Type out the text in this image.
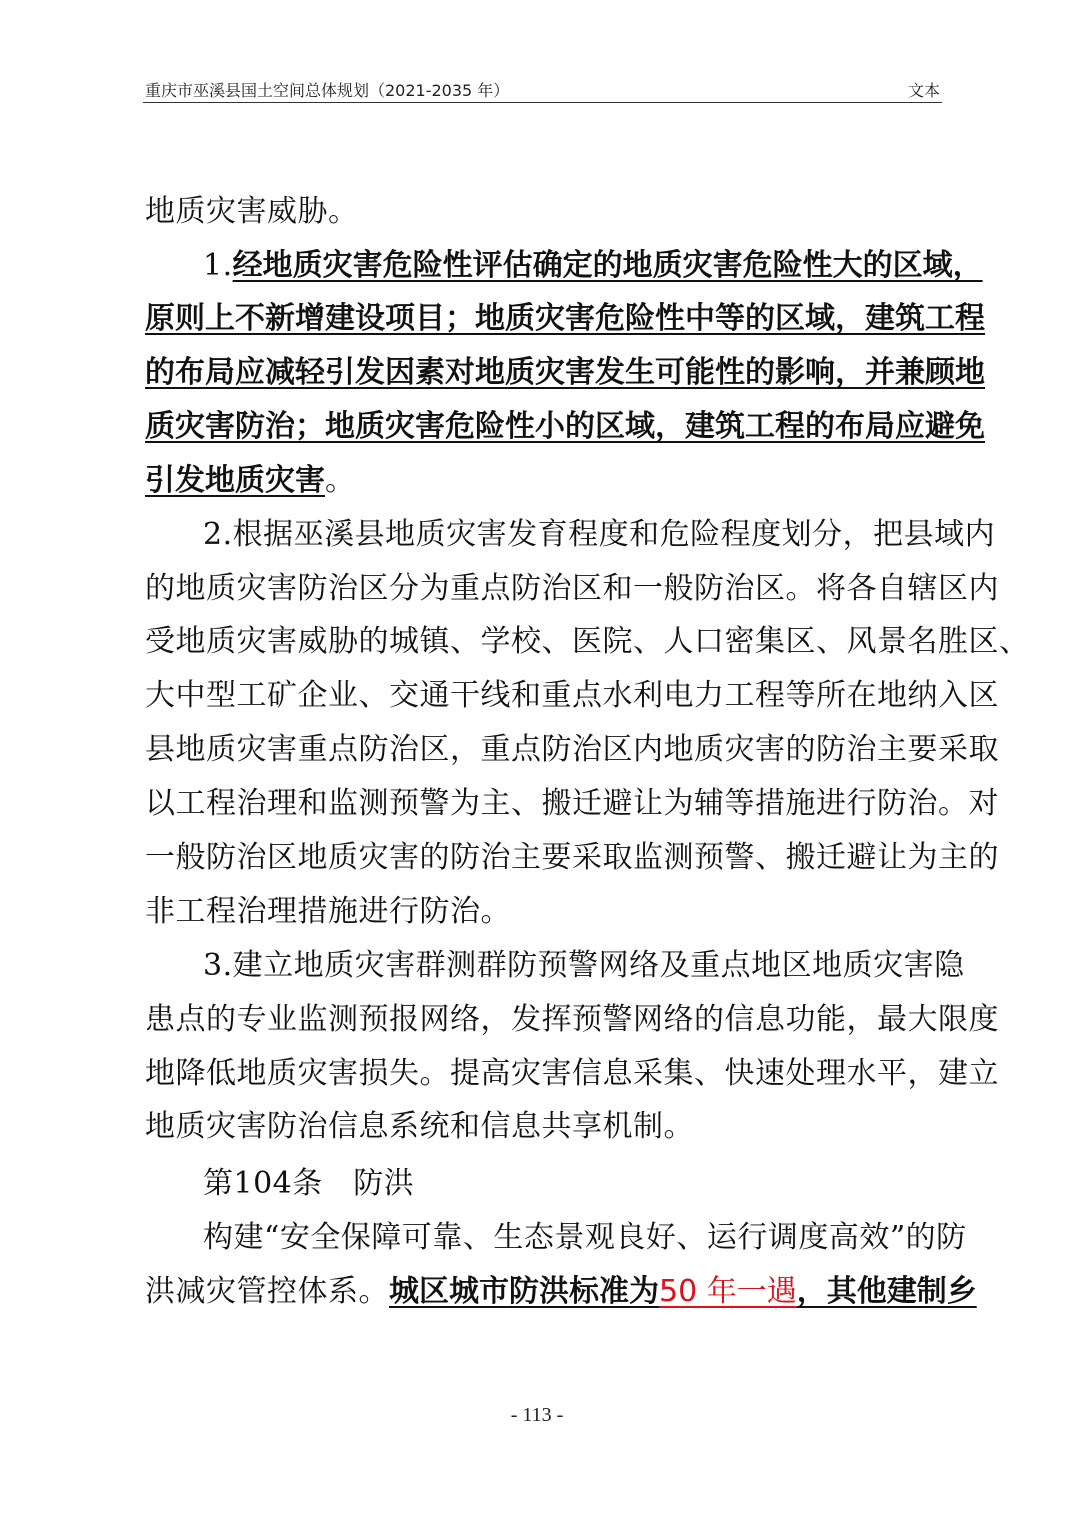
重庆市巫溪县国土空间总体规划（2021-2035 年）	文本
地质灾害威胁。
1.经地质灾害危险性评估确定的地质灾害危险性大的区域，
原则上不新增建设项目；地质灾害危险性中等的区域，建筑工程
的布局应减轻引发因素对地质灾害发生可能性的影响，并兼顾地
质灾害防治；地质灾害危险性小的区域，建筑工程的布局应避免
引发地质灾害。
2.根据巫溪县地质灾害发育程度和危险程度划分，把县域内
的地质灾害防治区分为重点防治区和一般防治区。将各自辖区内
受地质灾害威胁的城镇、学校、医院、人口密集区、风景名胜区、
大中型工矿企业、交通干线和重点水利电力工程等所在地纳入区
县地质灾害重点防治区，重点防治区内地质灾害的防治主要采取
以工程治理和监测预警为主、搬迁避让为辅等措施进行防治。对
一般防治区地质灾害的防治主要采取监测预警、搬迁避让为主的
非工程治理措施进行防治。
3.建立地质灾害群测群防预警网络及重点地区地质灾害隐
患点的专业监测预报网络，发挥预警网络的信息功能，最大限度
地降低地质灾害损失。提高灾害信息采集、快速处理水平，建立
地质灾害防治信息系统和信息共享机制。
第104条　防洪
构建“安全保障可靠、生态景观良好、运行调度高效”的防
洪减灾管控体系。城区城市防洪标准为50 年一遇，其他建制乡
- 113 -
